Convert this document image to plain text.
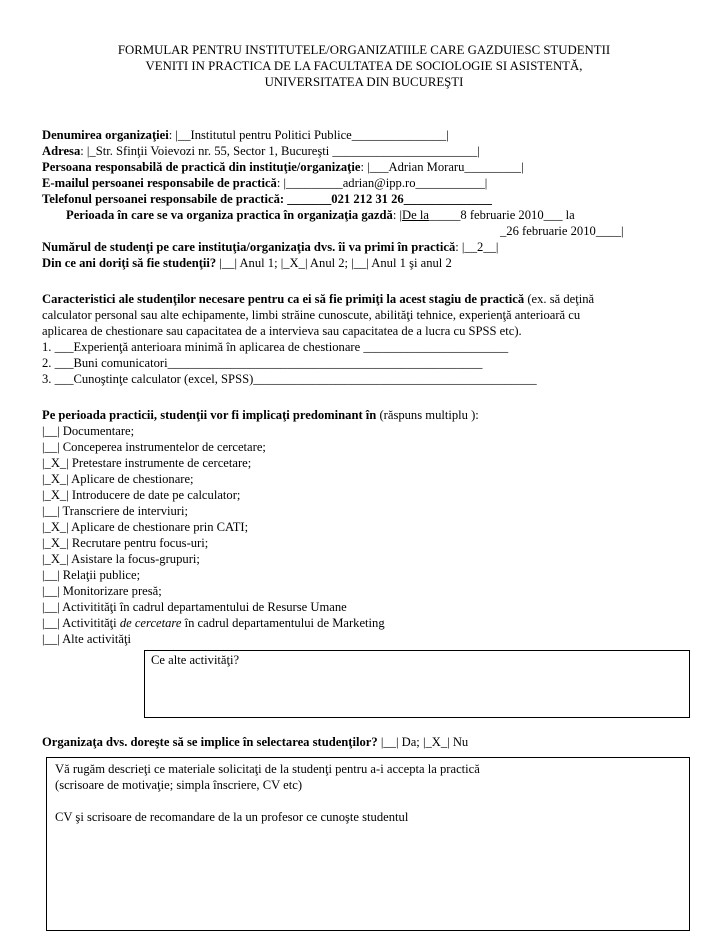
FORMULAR PENTRU INSTITUTELE/ORGANIZATIILE CARE GAZDUIESC STUDENTII
VENITI IN PRACTICA DE LA FACULTATEA DE SOCIOLOGIE SI ASISTENTĂ,
UNIVERSITATEA DIN BUCUREŞTI
Denumirea organizaţiei: |__Institutul pentru Politici Publice_______________|
Adresa: |_Str. Sfinţii Voievozi nr. 55, Sector 1, Bucureşti _______________________|
Persoana responsabilă de practică din instituţie/organizaţie: |___Adrian Moraru_________|
E-mailul persoanei responsabile de practică: |_________adrian@ipp.ro___________|
Telefonul persoanei responsabile de practică: _______021 212 31 26______________
Perioada în care se va organiza practica în organizaţia gazdă: |De la_____8 februarie 2010___ la
_26 februarie 2010____|
Numărul de studenţi pe care instituţia/organizaţia dvs. îi va primi în practică: |__2__|
Din ce ani doriţi să fie studenţii? |__| Anul 1; |_X_| Anul 2; |__| Anul 1 şi anul 2
Caracteristici ale studenţilor necesare pentru ca ei să fie primiţi la acest stagiu de practică (ex. să deţină
calculator personal sau alte echipamente, limbi străine cunoscute, abilităţi tehnice, experienţă anterioară cu
aplicarea de chestionare sau capacitatea de a intervieva sau capacitatea de a lucra cu SPSS etc).
1. ___Experienţă anterioara minimă în aplicarea de chestionare _______________________
2. ___Buni comunicatori__________________________________________________
3. ___Cunoştinţe calculator (excel, SPSS)_____________________________________________
Pe perioada practicii, studenţii vor fi implicaţi predominant în (răspuns multiplu ):
|__| Documentare;
|__| Conceperea instrumentelor de cercetare;
|_X_| Pretestare instrumente de cercetare;
|_X_| Aplicare de chestionare;
|_X_| Introducere de date pe calculator;
|__| Transcriere de interviuri;
|_X_| Aplicare de chestionare prin CATI;
|_X_| Recrutare pentru focus-uri;
|_X_| Asistare la focus-grupuri;
|__| Relaţii publice;
|__| Monitorizare presă;
|__| Activitităţi în cadrul departamentului de Resurse Umane
|__| Activitităţi de cercetare în cadrul departamentului de Marketing
|__| Alte activităţi
Ce alte activităţi?
Organizaţa dvs. doreşte să se implice în selectarea studenţilor? |__| Da; |_X_| Nu
Vă rugăm descrieţi ce materiale solicitaţi de la studenţi pentru a-i accepta la practică
(scrisoare de motivaţie; simpla înscriere, CV etc)
CV şi scrisoare de recomandare de la un profesor ce cunoşte studentul
